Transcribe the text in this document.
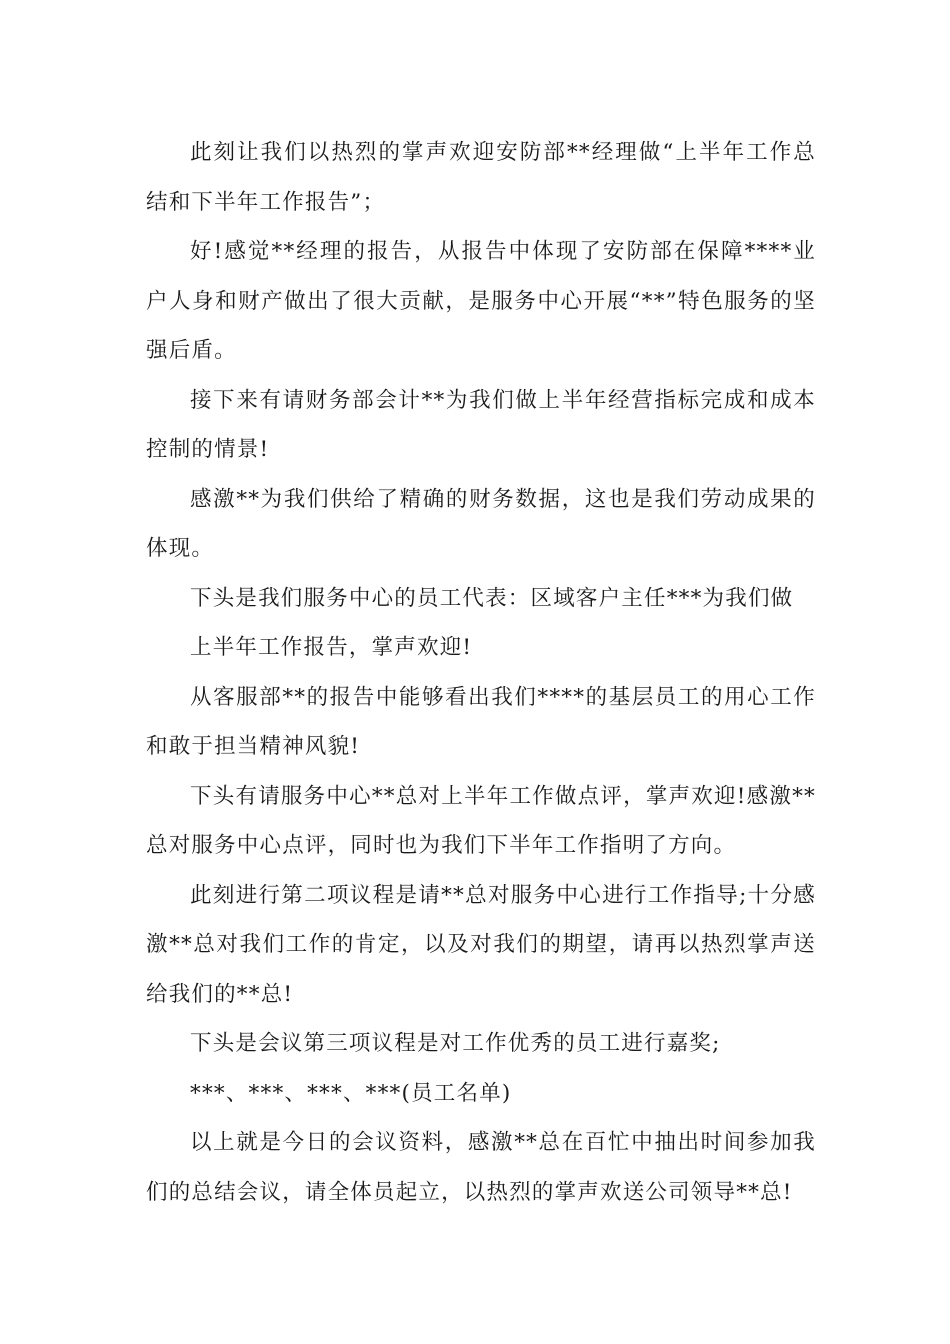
此刻让我们以热烈的掌声欢迎安防部**经理做“上半年工作总结和下半年工作报告”；

好!感觉**经理的报告，从报告中体现了安防部在保障****业户人身和财产做出了很大贡献，是服务中心开展“**”特色服务的坚强后盾。

接下来有请财务部会计**为我们做上半年经营指标完成和成本控制的情景!

感激**为我们供给了精确的财务数据，这也是我们劳动成果的体现。

下头是我们服务中心的员工代表：区域客户主任***为我们做

上半年工作报告，掌声欢迎!

从客服部**的报告中能够看出我们****的基层员工的用心工作和敢于担当精神风貌!

下头有请服务中心**总对上半年工作做点评，掌声欢迎!感激**总对服务中心点评，同时也为我们下半年工作指明了方向。

此刻进行第二项议程是请**总对服务中心进行工作指导;十分感激**总对我们工作的肯定，以及对我们的期望，请再以热烈掌声送给我们的**总!

下头是会议第三项议程是对工作优秀的员工进行嘉奖;

***、***、***、***(员工名单)

以上就是今日的会议资料，感激**总在百忙中抽出时间参加我们的总结会议，请全体员起立，以热烈的掌声欢送公司领导**总!
